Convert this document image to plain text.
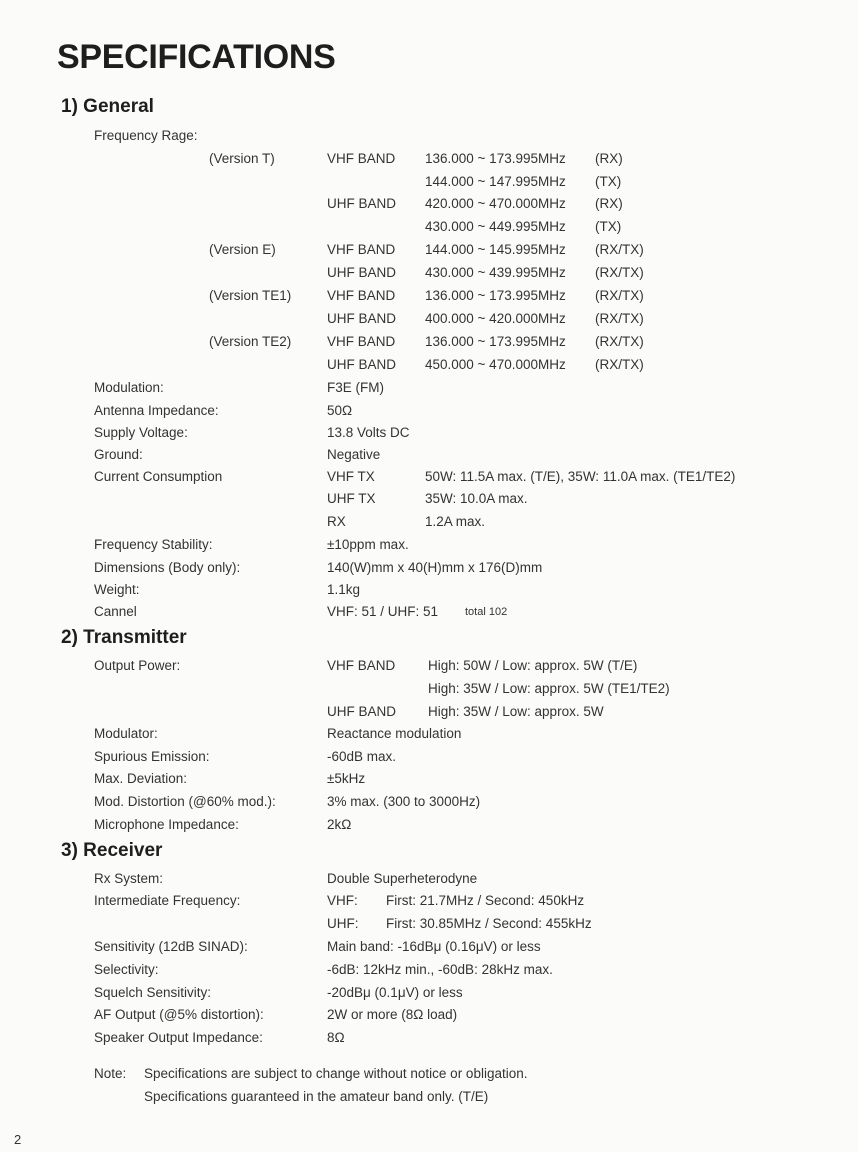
SPECIFICATIONS
1) General
Frequency Rage:
(Version T)	VHF BAND 136.000 ~ 173.995MHz (RX)
144.000 ~ 147.995MHz (TX)
UHF BAND 420.000 ~ 470.000MHz (RX)
430.000 ~ 449.995MHz (TX)
(Version E)	VHF BAND 144.000 ~ 145.995MHz (RX/TX)
UHF BAND 430.000 ~ 439.995MHz (RX/TX)
(Version TE1)	VHF BAND 136.000 ~ 173.995MHz (RX/TX)
UHF BAND 400.000 ~ 420.000MHz (RX/TX)
(Version TE2)	VHF BAND 136.000 ~ 173.995MHz (RX/TX)
UHF BAND 450.000 ~ 470.000MHz (RX/TX)
Modulation:	F3E (FM)
Antenna Impedance:	50Ω
Supply Voltage:	13.8 Volts DC
Ground:	Negative
Current Consumption	VHF TX	50W: 11.5A max. (T/E), 35W: 11.0A max. (TE1/TE2)
UHF TX	35W: 10.0A max.
RX	1.2A max.
Frequency Stability:	±10ppm max.
Dimensions (Body only):	140(W)mm x 40(H)mm x 176(D)mm
Weight:	1.1kg
Cannel	VHF: 51 / UHF: 51 total 102
2) Transmitter
Output Power:	VHF BAND High: 50W / Low: approx. 5W (T/E)
High: 35W / Low: approx. 5W (TE1/TE2)
UHF BAND High: 35W / Low: approx. 5W
Modulator:	Reactance modulation
Spurious Emission:	-60dB max.
Max. Deviation:	±5kHz
Mod. Distortion (@60% mod.):	3% max. (300 to 3000Hz)
Microphone Impedance:	2kΩ
3) Receiver
Rx System:	Double Superheterodyne
Intermediate Frequency:	VHF: First: 21.7MHz / Second: 450kHz
UHF: First: 30.85MHz / Second: 455kHz
Sensitivity (12dB SINAD):	Main band: -16dBμ (0.16μV) or less
Selectivity:	-6dB: 12kHz min., -60dB: 28kHz max.
Squelch Sensitivity:	-20dBμ (0.1μV) or less
AF Output (@5% distortion):	2W or more (8Ω load)
Speaker Output Impedance:	8Ω
Note: Specifications are subject to change without notice or obligation.
Specifications guaranteed in the amateur band only. (T/E)
2
